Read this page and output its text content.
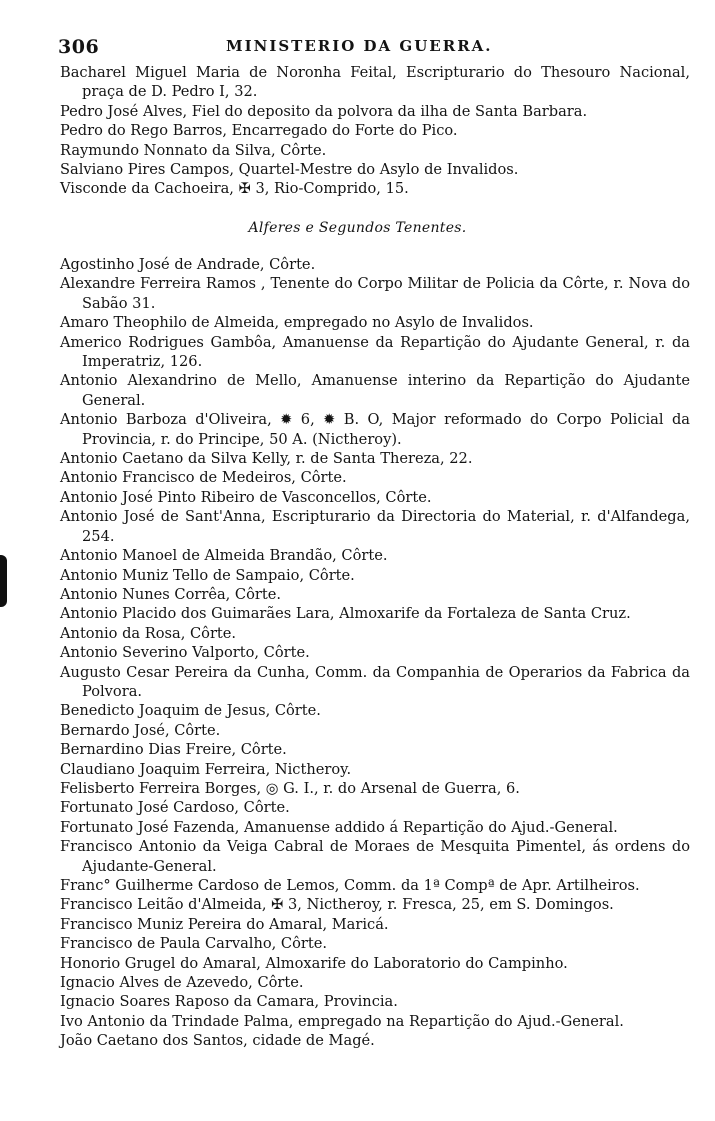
306	MINISTERIO DA GUERRA.
Bacharel Miguel Maria de Noronha Feital, Escripturario do Thesouro Nacional, praça de D. Pedro I, 32.
Pedro José Alves, Fiel do deposito da polvora da ilha de Santa Barbara.
Pedro do Rego Barros, Encarregado do Forte do Pico.
Raymundo Nonnato da Silva, Côrte.
Salviano Pires Campos, Quartel-Mestre do Asylo de Invalidos.
Visconde da Cachoeira, ✠ 3, Rio-Comprido, 15.
Alferes e Segundos Tenentes.
Agostinho José de Andrade, Côrte.
Alexandre Ferreira Ramos , Tenente do Corpo Militar de Policia da Côrte, r. Nova do Sabão 31.
Amaro Theophilo de Almeida, empregado no Asylo de Invalidos.
Americo Rodrigues Gambôa, Amanuense da Repartição do Ajudante General, r. da Imperatriz, 126.
Antonio Alexandrino de Mello, Amanuense interino da Repartição do Ajudante General.
Antonio Barboza d'Oliveira, ✹ 6, ✹ B. O, Major reformado do Corpo Policial da Provincia, r. do Principe, 50 A. (Nictheroy).
Antonio Caetano da Silva Kelly, r. de Santa Thereza, 22.
Antonio Francisco de Medeiros, Côrte.
Antonio José Pinto Ribeiro de Vasconcellos, Côrte.
Antonio José de Sant'Anna, Escripturario da Directoria do Material, r. d'Alfandega, 254.
Antonio Manoel de Almeida Brandão, Côrte.
Antonio Muniz Tello de Sampaio, Côrte.
Antonio Nunes Corrêa, Côrte.
Antonio Placido dos Guimarães Lara, Almoxarife da Fortaleza de Santa Cruz.
Antonio da Rosa, Côrte.
Antonio Severino Valporto, Côrte.
Augusto Cesar Pereira da Cunha, Comm. da Companhia de Operarios da Fabrica da Polvora.
Benedicto Joaquim de Jesus, Côrte.
Bernardo José, Côrte.
Bernardino Dias Freire, Côrte.
Claudiano Joaquim Ferreira, Nictheroy.
Felisberto Ferreira Borges, ◎ G. I., r. do Arsenal de Guerra, 6.
Fortunato José Cardoso, Côrte.
Fortunato José Fazenda, Amanuense addido á Repartição do Ajud.-General.
Francisco Antonio da Veiga Cabral de Moraes de Mesquita Pimentel, ás ordens do Ajudante-General.
Franc° Guilherme Cardoso de Lemos, Comm. da 1ª Compª de Apr. Artilheiros.
Francisco Leitão d'Almeida, ✠ 3, Nictheroy, r. Fresca, 25, em S. Domingos.
Francisco Muniz Pereira do Amaral, Maricá.
Francisco de Paula Carvalho, Côrte.
Honorio Grugel do Amaral, Almoxarife do Laboratorio do Campinho.
Ignacio Alves de Azevedo, Côrte.
Ignacio Soares Raposo da Camara, Provincia.
Ivo Antonio da Trindade Palma, empregado na Repartição do Ajud.-General.
João Caetano dos Santos, cidade de Magé.
